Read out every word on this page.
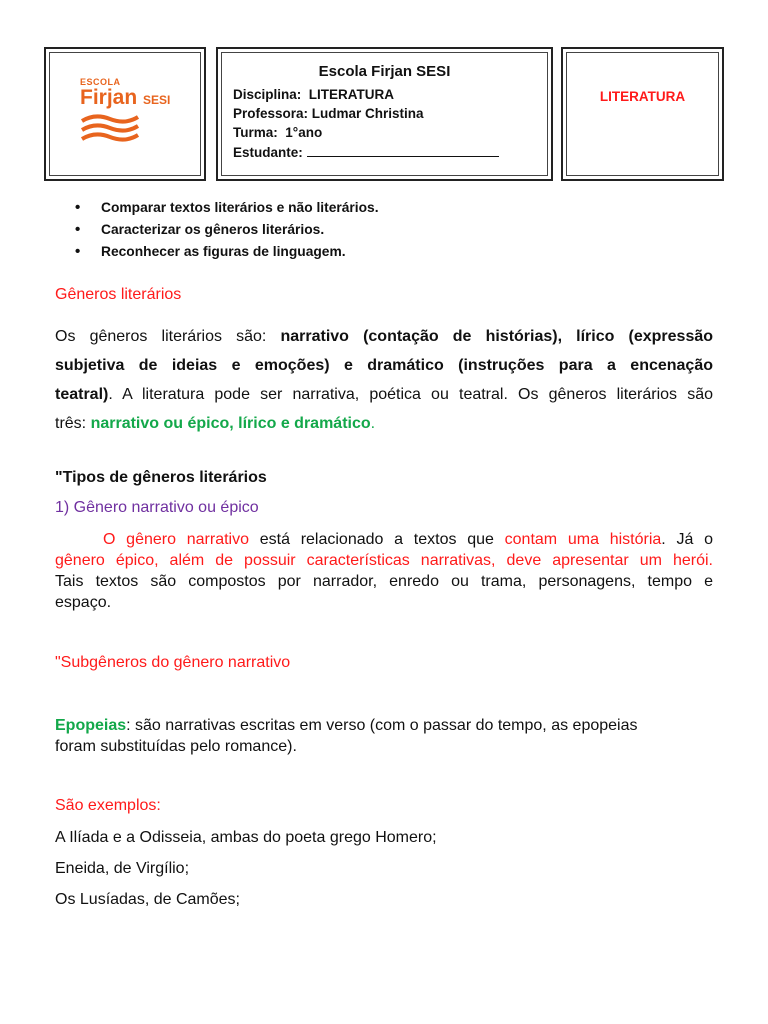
ESCOLA
Firjan SESI
Escola Firjan SESI
Disciplina: LITERATURA
Professora: Ludmar Christina
Turma: 1°ano
Estudante:
LITERATURA
• Comparar textos literários e não literários.
• Caracterizar os gêneros literários.
• Reconhecer as figuras de linguagem.
Gêneros literários
Os gêneros literários são: narrativo (contação de histórias), lírico (expressão
subjetiva de ideias e emoções) e dramático (instruções para a encenação
teatral). A literatura pode ser narrativa, poética ou teatral. Os gêneros literários são
três: narrativo ou épico, lírico e dramático.
"Tipos de gêneros literários
1) Gênero narrativo ou épico
O gênero narrativo está relacionado a textos que contam uma história. Já o
gênero épico, além de possuir características narrativas, deve apresentar um herói.
Tais textos são compostos por narrador, enredo ou trama, personagens, tempo e
espaço.
"Subgêneros do gênero narrativo
Epopeias: são narrativas escritas em verso (com o passar do tempo, as epopeias
foram substituídas pelo romance).
São exemplos:
A Ilíada e a Odisseia, ambas do poeta grego Homero;
Eneida, de Virgílio;
Os Lusíadas, de Camões;
